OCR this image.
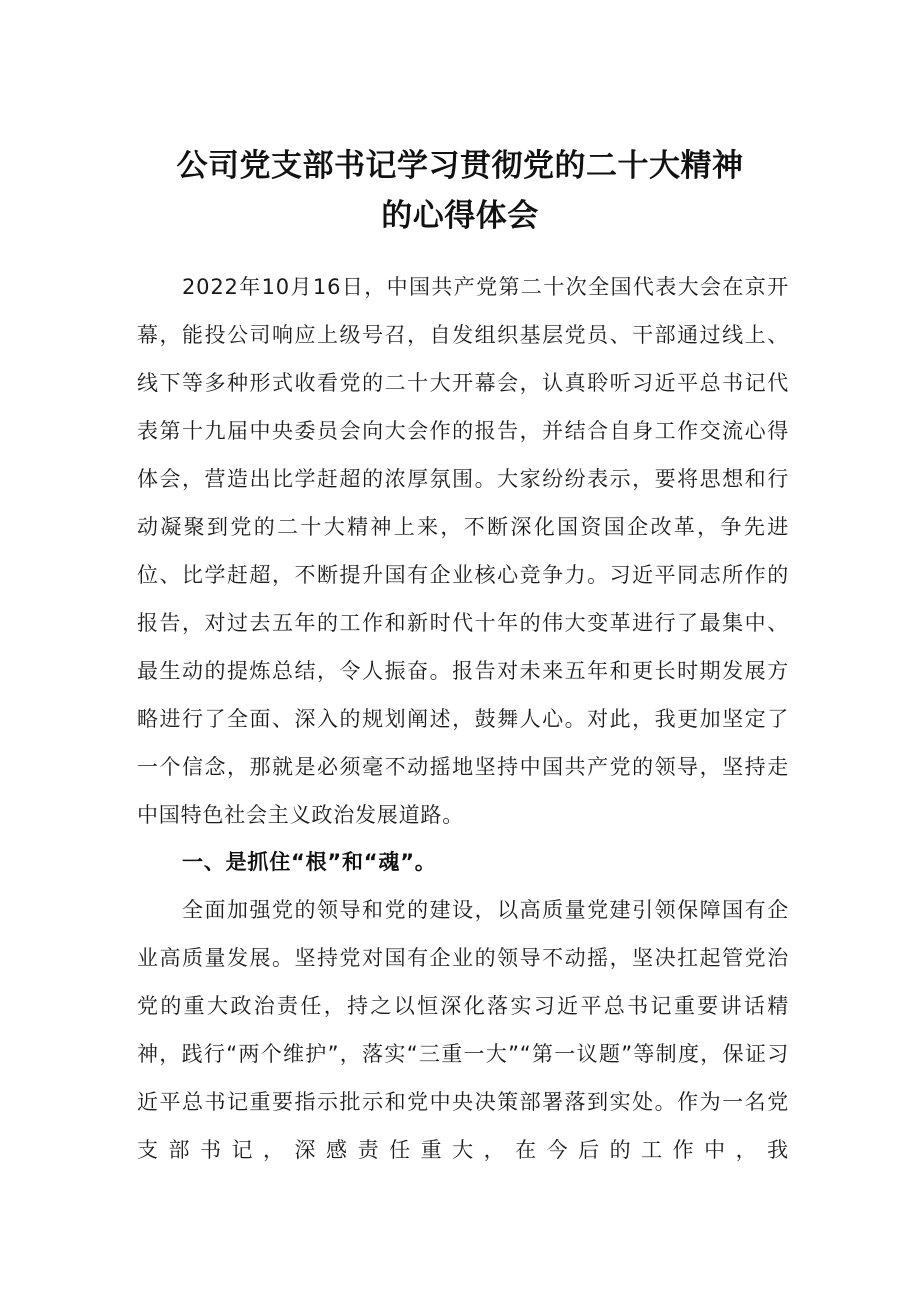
公司党支部书记学习贯彻党的二十大精神
的心得体会
2022年10月16日，中国共产党第二十次全国代表大会在京开幕，能投公司响应上级号召，自发组织基层党员、干部通过线上、线下等多种形式收看党的二十大开幕会，认真聆听习近平总书记代表第十九届中央委员会向大会作的报告，并结合自身工作交流心得体会，营造出比学赶超的浓厚氛围。大家纷纷表示，要将思想和行动凝聚到党的二十大精神上来，不断深化国资国企改革，争先进位、比学赶超，不断提升国有企业核心竞争力。习近平同志所作的报告，对过去五年的工作和新时代十年的伟大变革进行了最集中、最生动的提炼总结，令人振奋。报告对未来五年和更长时期发展方略进行了全面、深入的规划阐述，鼓舞人心。对此，我更加坚定了一个信念，那就是必须毫不动摇地坚持中国共产党的领导，坚持走中国特色社会主义政治发展道路。
一、是抓住“根”和“魂”。
全面加强党的领导和党的建设，以高质量党建引领保障国有企业高质量发展。坚持党对国有企业的领导不动摇，坚决扛起管党治党的重大政治责任，持之以恒深化落实习近平总书记重要讲话精神，践行“两个维护”，落实“三重一大”“第一议题”等制度，保证习近平总书记重要指示批示和党中央决策部署落到实处。作为一名党支部书记，深感责任重大，在今后的工作中，我
